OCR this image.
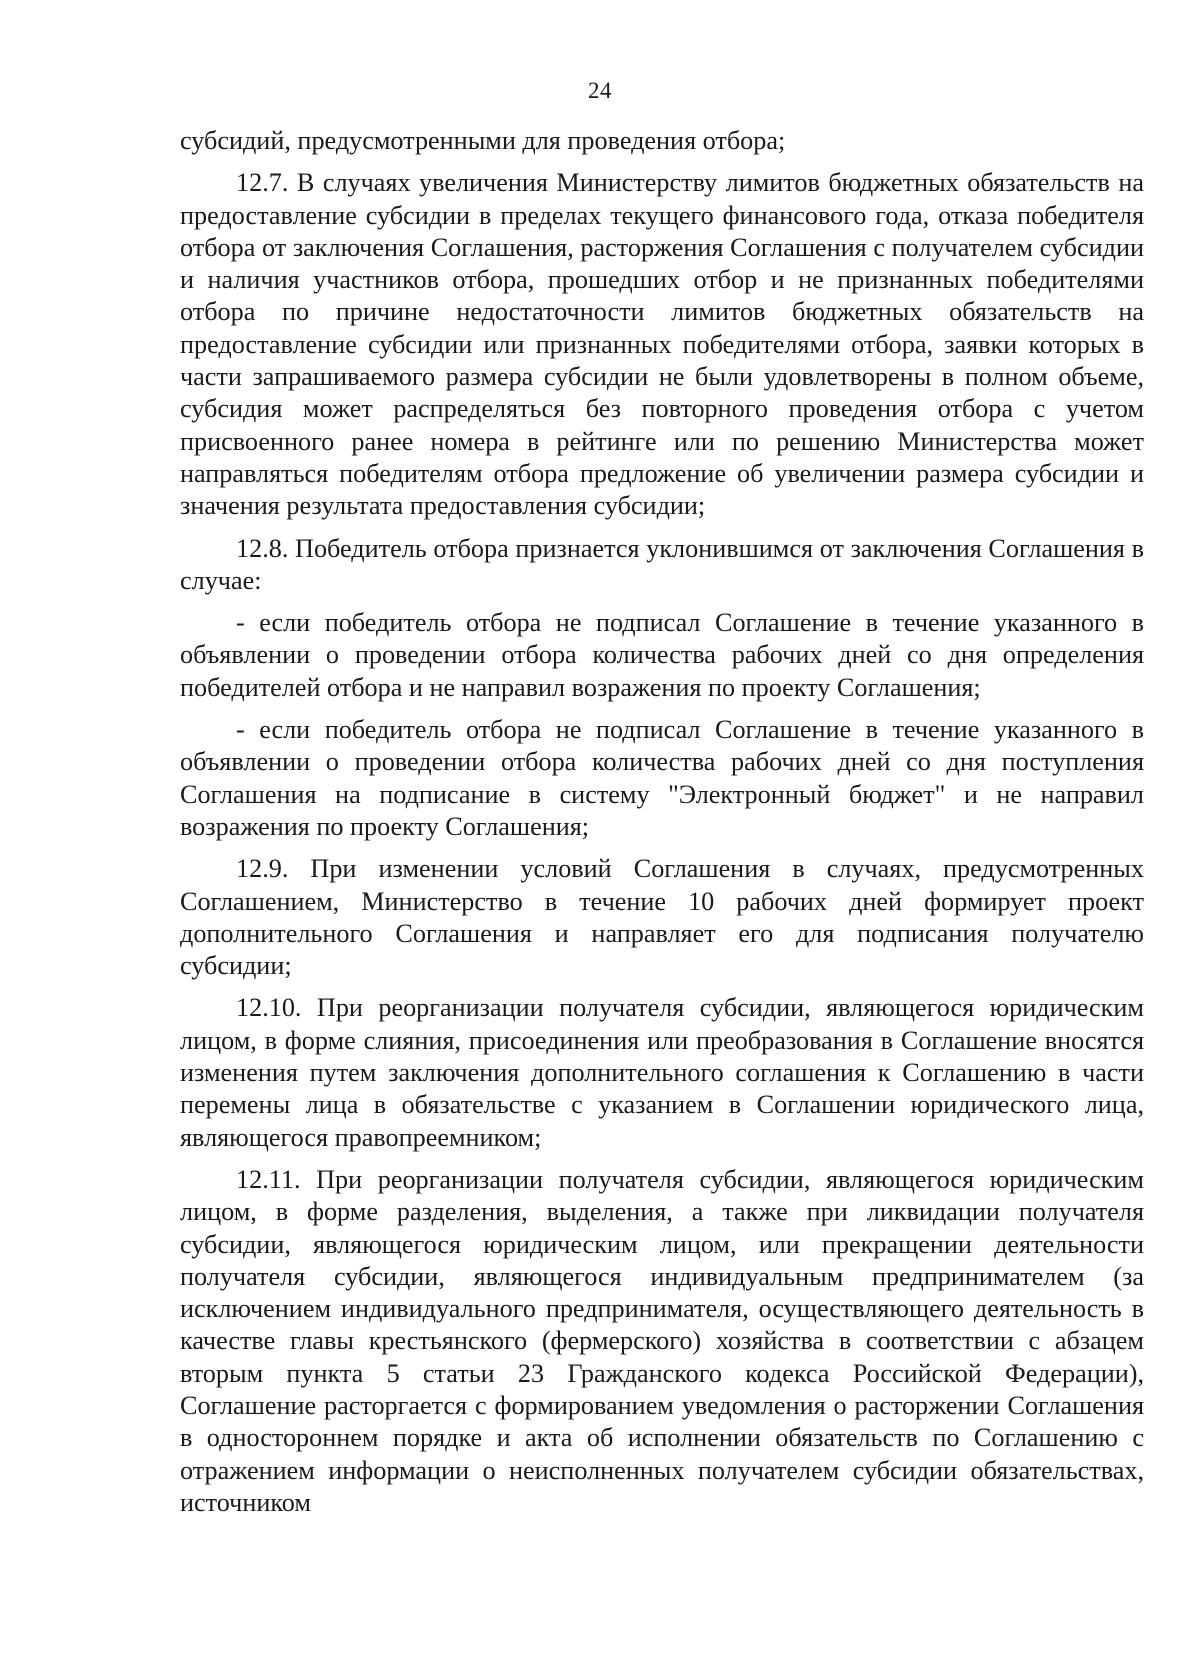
24

субсидий, предусмотренными для проведения отбора;

12.7. В случаях увеличения Министерству лимитов бюджетных обязательств на предоставление субсидии в пределах текущего финансового года, отказа победителя отбора от заключения Соглашения, расторжения Соглашения с получателем субсидии и наличия участников отбора, прошедших отбор и не признанных победителями отбора по причине недостаточности лимитов бюджетных обязательств на предоставление субсидии или признанных победителями отбора, заявки которых в части запрашиваемого размера субсидии не были удовлетворены в полном объеме, субсидия может распределяться без повторного проведения отбора с учетом присвоенного ранее номера в рейтинге или по решению Министерства может направляться победителям отбора предложение об увеличении размера субсидии и значения результата предоставления субсидии;

12.8. Победитель отбора признается уклонившимся от заключения Соглашения в случае:

- если победитель отбора не подписал Соглашение в течение указанного в объявлении о проведении отбора количества рабочих дней со дня определения победителей отбора и не направил возражения по проекту Соглашения;

- если победитель отбора не подписал Соглашение в течение указанного в объявлении о проведении отбора количества рабочих дней со дня поступления Соглашения на подписание в систему "Электронный бюджет" и не направил возражения по проекту Соглашения;

12.9. При изменении условий Соглашения в случаях, предусмотренных Соглашением, Министерство в течение 10 рабочих дней формирует проект дополнительного Соглашения и направляет его для подписания получателю субсидии;

12.10. При реорганизации получателя субсидии, являющегося юридическим лицом, в форме слияния, присоединения или преобразования в Соглашение вносятся изменения путем заключения дополнительного соглашения к Соглашению в части перемены лица в обязательстве с указанием в Соглашении юридического лица, являющегося правопреемником;

12.11. При реорганизации получателя субсидии, являющегося юридическим лицом, в форме разделения, выделения, а также при ликвидации получателя субсидии, являющегося юридическим лицом, или прекращении деятельности получателя субсидии, являющегося индивидуальным предпринимателем (за исключением индивидуального предпринимателя, осуществляющего деятельность в качестве главы крестьянского (фермерского) хозяйства в соответствии с абзацем вторым пункта 5 статьи 23 Гражданского кодекса Российской Федерации), Соглашение расторгается с формированием уведомления о расторжении Соглашения в одностороннем порядке и акта об исполнении обязательств по Соглашению с отражением информации о неисполненных получателем субсидии обязательствах, источником
